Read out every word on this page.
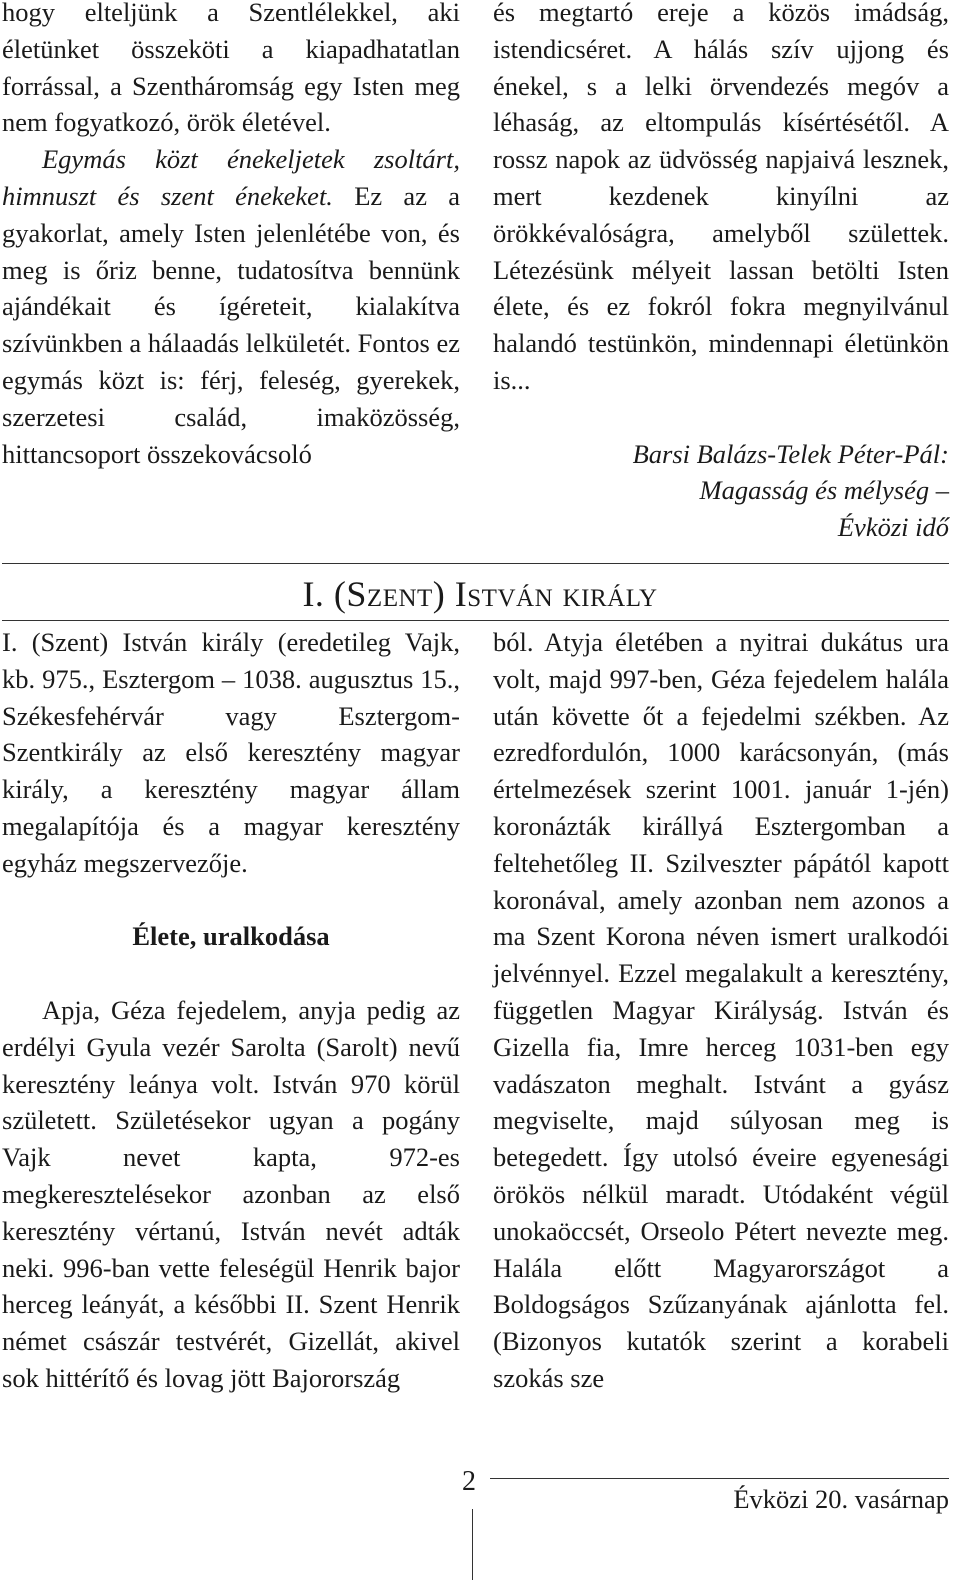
hogy elteljünk a Szentlélekkel, aki életünket összeköti a kiapadhatatlan forrással, a Szentháromság egy Isten meg nem fogyatkozó, örök életével.

Egymás közt énekeljetek zsoltárt, himnuszt és szent énekeket. Ez az a gyakorlat, amely Isten jelenlétébe von, és meg is őriz benne, tudatosítva bennünk ajándékait és ígéreteit, kialakítva szívünkben a hálaadás lelkületét. Fontos ez egymás közt is: férj, feleség, gyerekek, szerzetesi család, imaközösség, hittancsoport összekovácsoló

és megtartó ereje a közös imádság, istendicséret. A hálás szív ujjong és énekel, s a lelki örvendezés megóv a léhaság, az eltompulás kísértésétől. A rossz napok az üdvösség napjaivá lesznek, mert kezdenek kinyílni az örökkévalóságra, amelyből születtek. Létezésünk mélyeit lassan betölti Isten élete, és ez fokról fokra megnyilvánul halandó testünkön, mindennapi életünkön is...

Barsi Balázs-Telek Péter-Pál:

Magasság és mélység –

Évközi idő

I. (Szent) István király

I. (Szent) István király (eredetileg Vajk, kb. 975., Esztergom – 1038. augusztus 15., Székesfehérvár vagy Esztergom-Szentkirály az első keresztény magyar király, a keresztény magyar állam megalapítója és a magyar keresztény egyház megszervezője.

Élete, uralkodása

Apja, Géza fejedelem, anyja pedig az erdélyi Gyula vezér Sarolta (Sarolt) nevű keresztény leánya volt. István 970 körül született. Születésekor ugyan a pogány Vajk nevet kapta, 972-es megkeresztelésekor azonban az első keresztény vértanú, István nevét adták neki. 996-ban vette feleségül Henrik bajor herceg leányát, a későbbi II. Szent Henrik német császár testvérét, Gizellát, akivel sok hittérítő és lovag jött Bajorország

ból. Atyja életében a nyitrai dukátus ura volt, majd 997-ben, Géza fejedelem halála után követte őt a fejedelmi székben. Az ezredfordulón, 1000 karácsonyán, (más értelmezések szerint 1001. január 1-jén) koronázták királlyá Esztergomban a feltehetőleg II. Szilveszter pápától kapott koronával, amely azonban nem azonos a ma Szent Korona néven ismert uralkodói jelvénnyel. Ezzel megalakult a keresztény, független Magyar Királyság. István és Gizella fia, Imre herceg 1031-ben egy vadászaton meghalt. Istvánt a gyász megviselte, majd súlyosan meg is betegedett. Így utolsó éveire egyenesági örökös nélkül maradt. Utódaként végül unokaöccsét, Orseolo Pétert nevezte meg. Halála előtt Magyarországot a Boldogságos Szűzanyának ajánlotta fel. (Bizonyos kutatók szerint a korabeli szokás sze

2
Évközi 20. vasárnap
